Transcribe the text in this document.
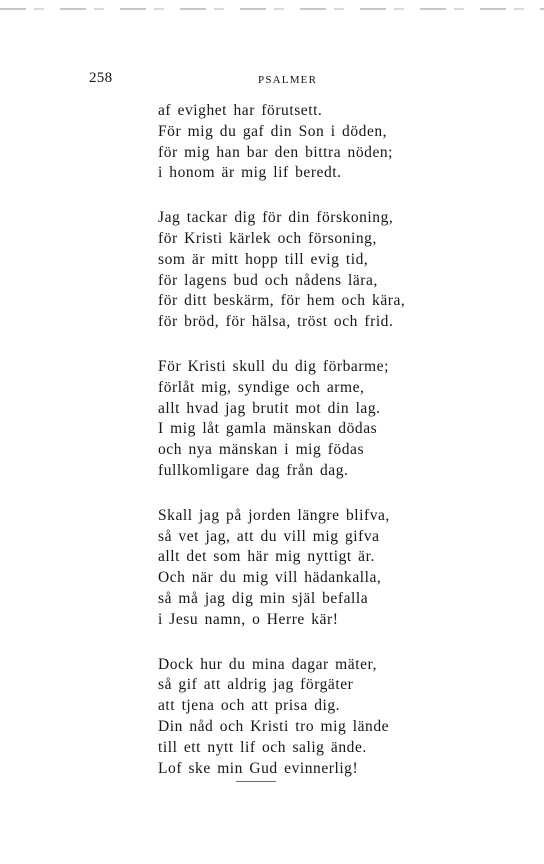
258	PSALMER
af evighet har förutsett.
För mig du gaf din Son i döden,
för mig han bar den bittra nöden;
i honom är mig lif beredt.
Jag tackar dig för din förskoning,
för Kristi kärlek och försoning,
som är mitt hopp till evig tid,
för lagens bud och nådens lära,
för ditt beskärm, för hem och kära,
för bröd, för hälsa, tröst och frid.
För Kristi skull du dig förbarme;
förlåt mig, syndige och arme,
allt hvad jag brutit mot din lag.
I mig låt gamla mänskan dödas
och nya mänskan i mig födas
fullkomligare dag från dag.
Skall jag på jorden längre blifva,
så vet jag, att du vill mig gifva
allt det som här mig nyttigt är.
Och när du mig vill hädankalla,
så må jag dig min själ befalla
i Jesu namn, o Herre kär!
Dock hur du mina dagar mäter,
så gif att aldrig jag förgäter
att tjena och att prisa dig.
Din nåd och Kristi tro mig lände
till ett nytt lif och salig ände.
Lof ske min Gud evinnerlig!
